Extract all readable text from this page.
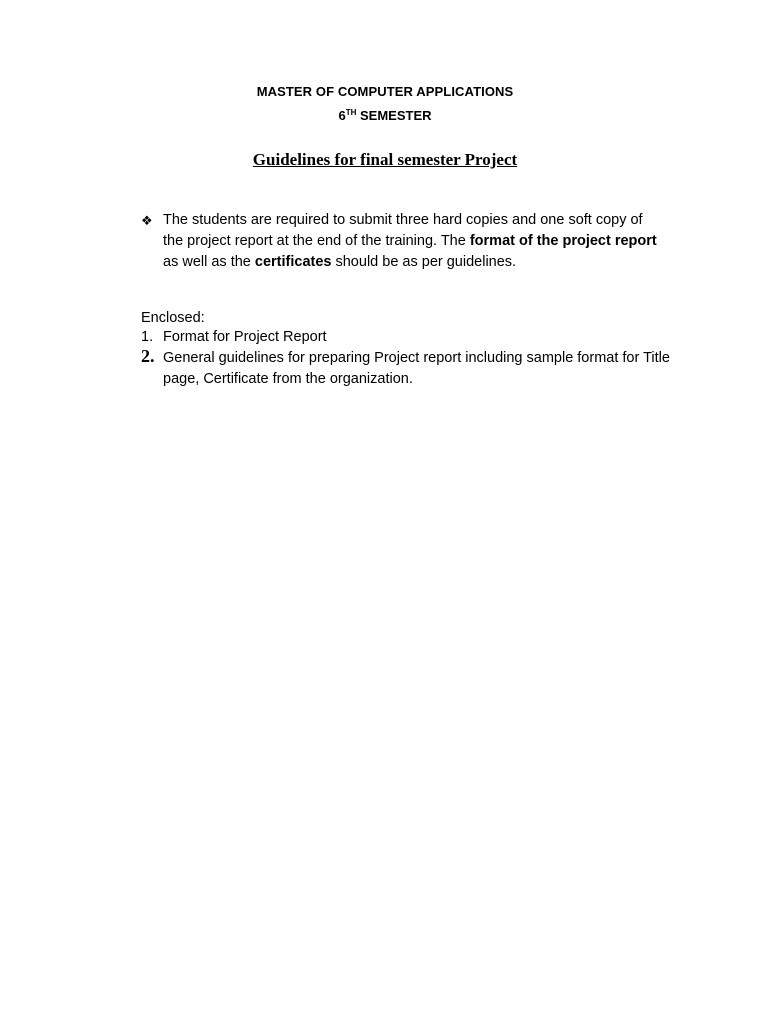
MASTER OF COMPUTER APPLICATIONS
6TH SEMESTER
Guidelines for final semester Project
❖ The students are required to submit three hard copies and one soft copy of the project report at the end of the training. The format of the project report as well as the certificates should be as per guidelines.
Enclosed:
1. Format for Project Report
2. General guidelines for preparing Project report including sample format for Title page, Certificate from the organization.
